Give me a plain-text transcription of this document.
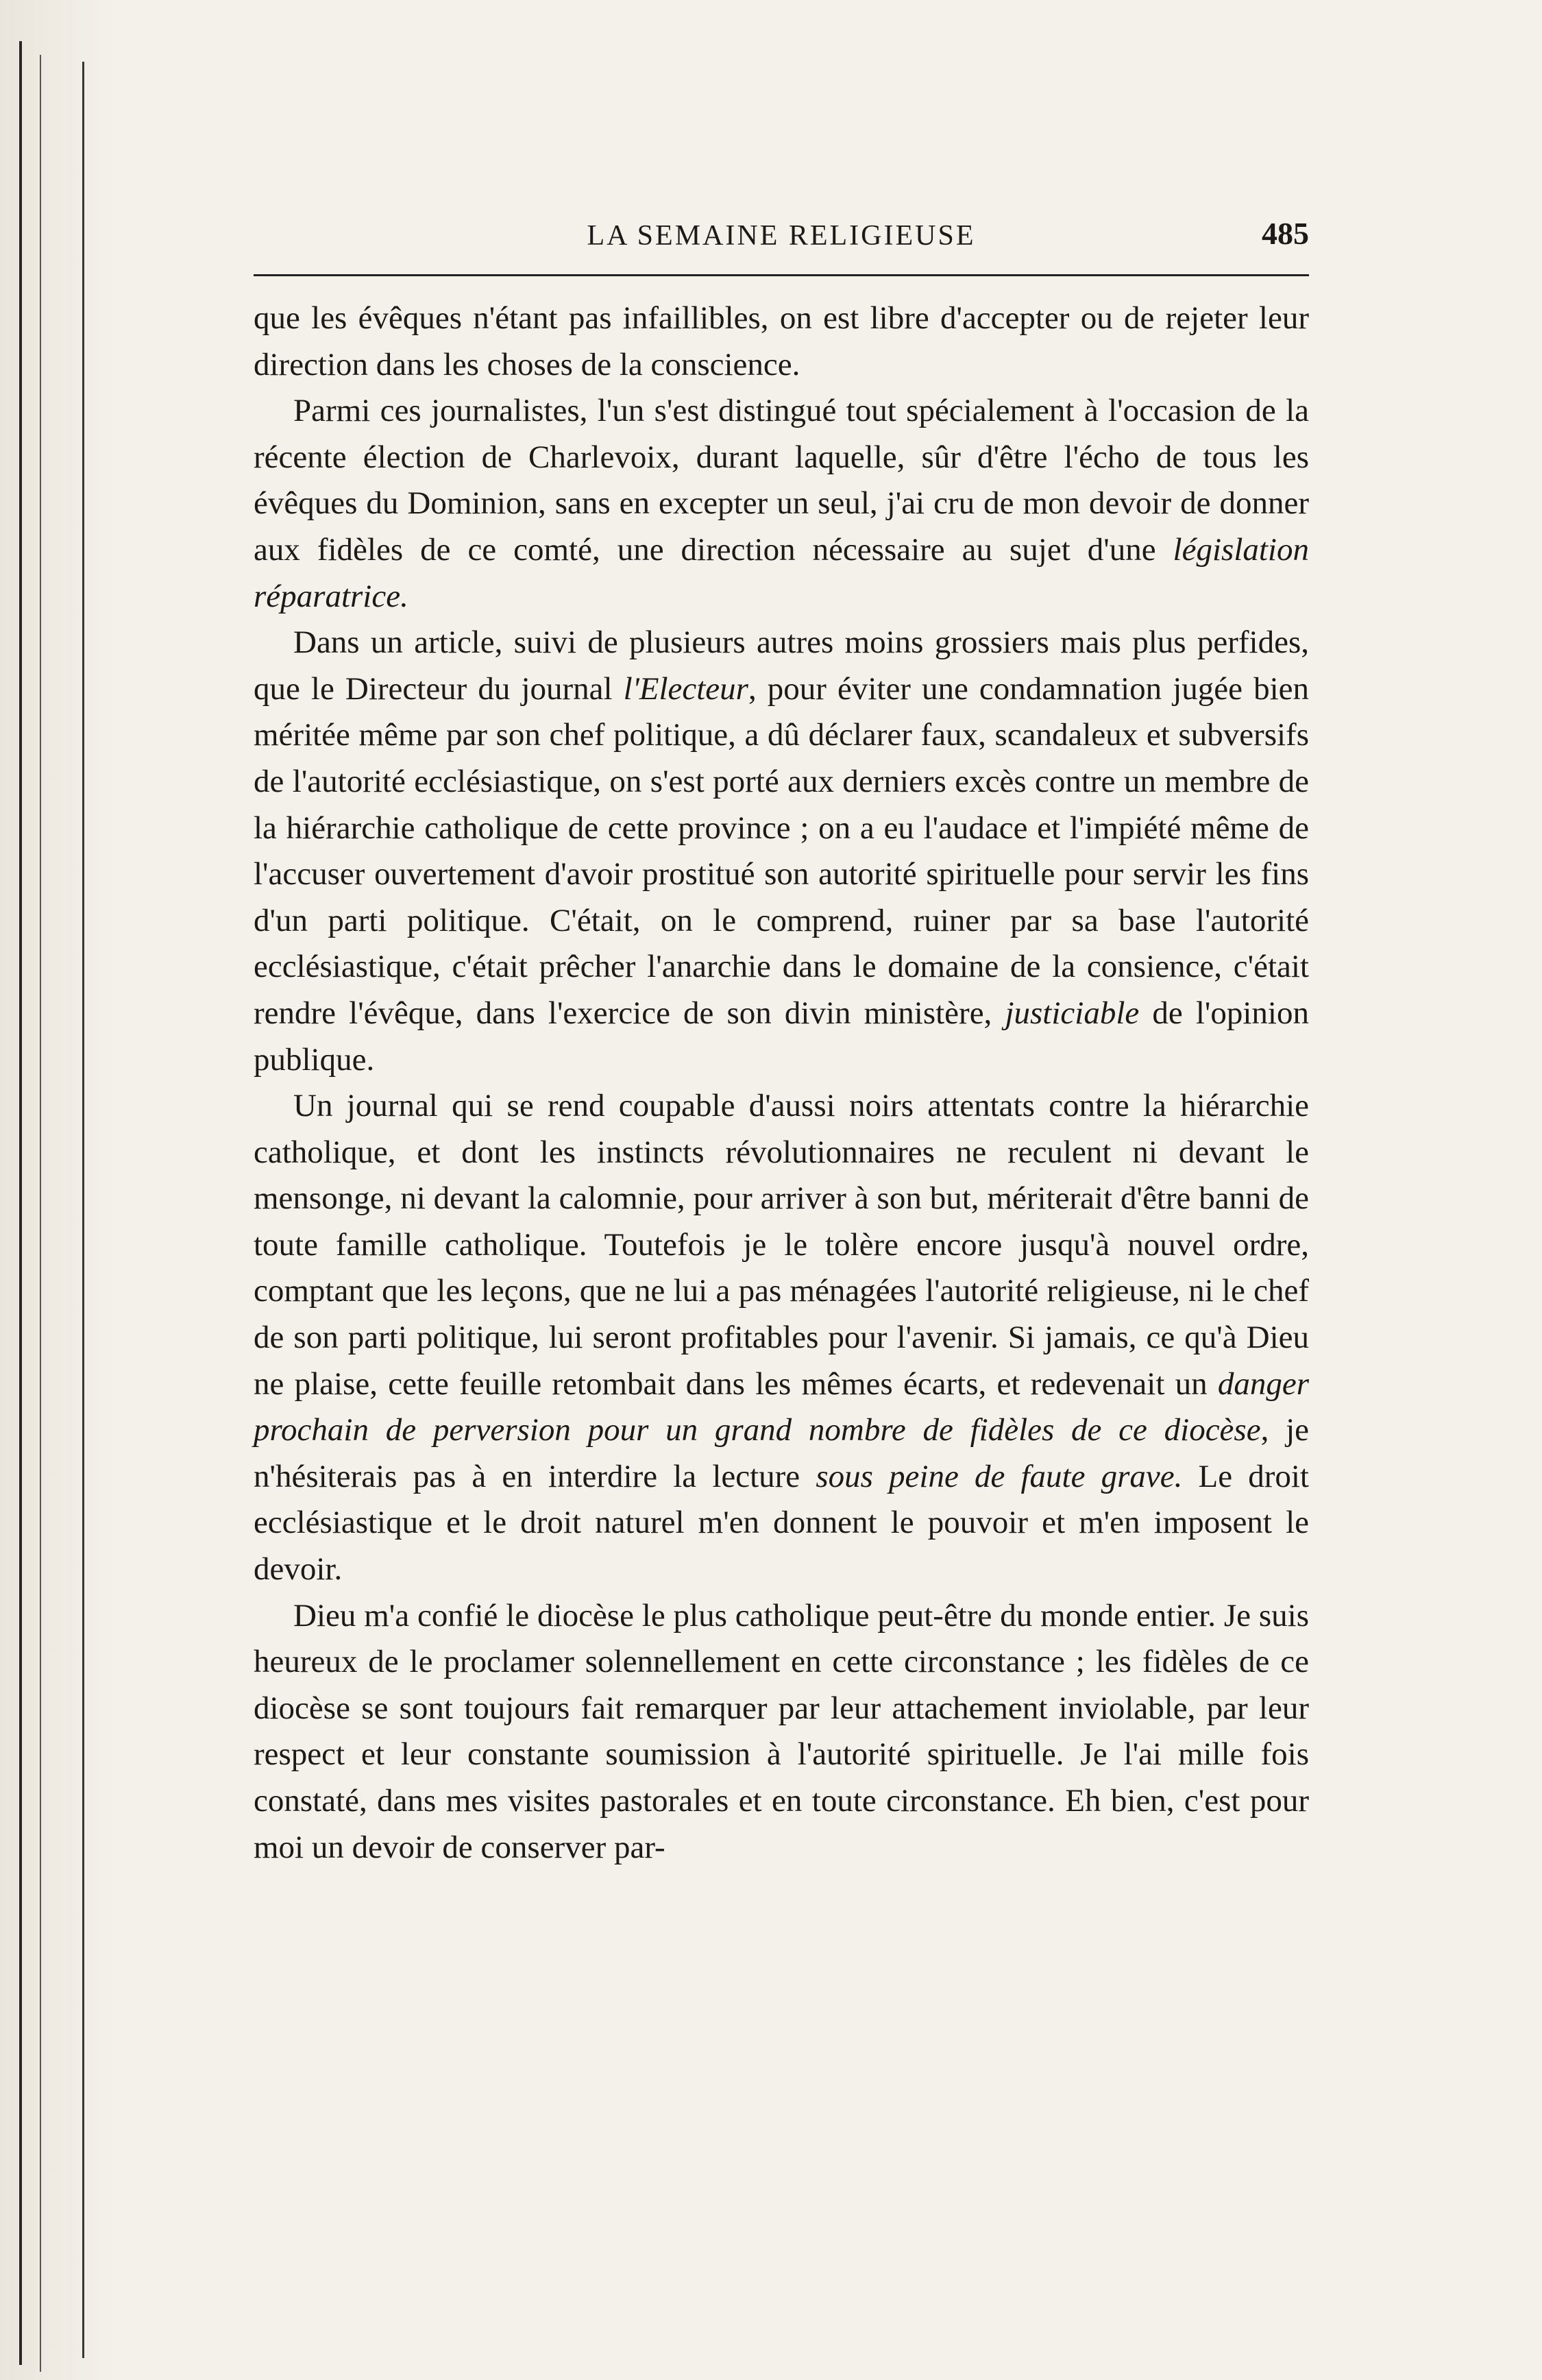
LA SEMAINE RELIGIEUSE	485

que les évêques n'étant pas infaillibles, on est libre d'accepter ou de rejeter leur direction dans les choses de la conscience.

Parmi ces journalistes, l'un s'est distingué tout spécialement à l'occasion de la récente élection de Charlevoix, durant laquelle, sûr d'être l'écho de tous les évêques du Dominion, sans en excepter un seul, j'ai cru de mon devoir de donner aux fidèles de ce comté, une direction nécessaire au sujet d'une législation réparatrice.

Dans un article, suivi de plusieurs autres moins grossiers mais plus perfides, que le Directeur du journal l'Electeur, pour éviter une condamnation jugée bien méritée même par son chef politique, a dû déclarer faux, scandaleux et subversifs de l'autorité ecclésiastique, on s'est porté aux derniers excès contre un membre de la hiérarchie catholique de cette province ; on a eu l'audace et l'impiété même de l'accuser ouvertement d'avoir prostitué son autorité spirituelle pour servir les fins d'un parti politique. C'était, on le comprend, ruiner par sa base l'autorité ecclésiastique, c'était prêcher l'anarchie dans le domaine de la consience, c'était rendre l'évêque, dans l'exercice de son divin ministère, justiciable de l'opinion publique.

Un journal qui se rend coupable d'aussi noirs attentats contre la hiérarchie catholique, et dont les instincts révolutionnaires ne reculent ni devant le mensonge, ni devant la calomnie, pour arriver à son but, mériterait d'être banni de toute famille catholique. Toutefois je le tolère encore jusqu'à nouvel ordre, comptant que les leçons, que ne lui a pas ménagées l'autorité religieuse, ni le chef de son parti politique, lui seront profitables pour l'avenir. Si jamais, ce qu'à Dieu ne plaise, cette feuille retombait dans les mêmes écarts, et redevenait un danger prochain de perversion pour un grand nombre de fidèles de ce diocèse, je n'hésiterais pas à en interdire la lecture sous peine de faute grave. Le droit ecclésiastique et le droit naturel m'en donnent le pouvoir et m'en imposent le devoir.

Dieu m'a confié le diocèse le plus catholique peut-être du monde entier. Je suis heureux de le proclamer solennellement en cette circonstance ; les fidèles de ce diocèse se sont toujours fait remarquer par leur attachement inviolable, par leur respect et leur constante soumission à l'autorité spirituelle. Je l'ai mille fois constaté, dans mes visites pastorales et en toute circonstance. Eh bien, c'est pour moi un devoir de conserver par-
